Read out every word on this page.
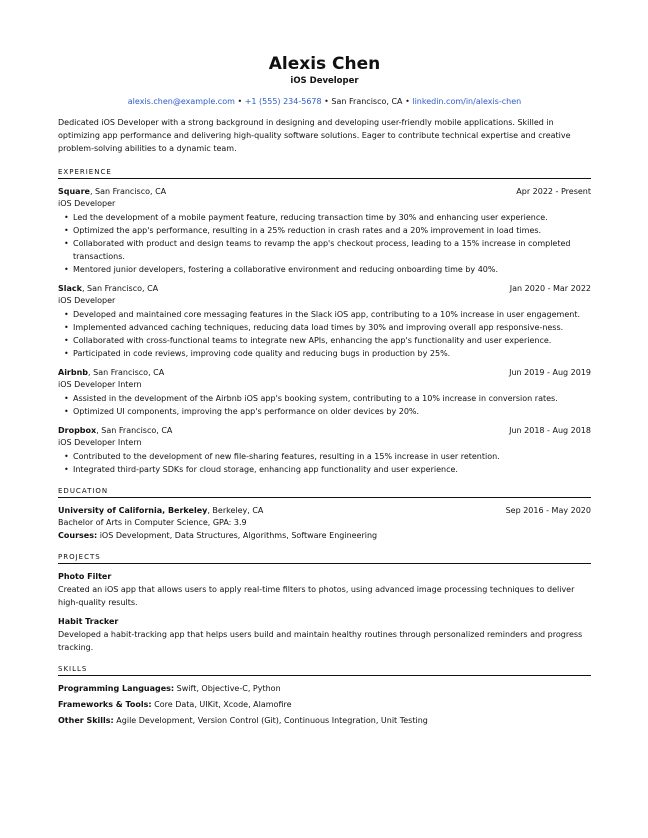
Alexis Chen
iOS Developer
alexis.chen@example.com • +1 (555) 234-5678 • San Francisco, CA • linkedin.com/in/alexis-chen
Dedicated iOS Developer with a strong background in designing and developing user-friendly mobile applications. Skilled in optimizing app performance and delivering high-quality software solutions. Eager to contribute technical expertise and creative problem-solving abilities to a dynamic team.
EXPERIENCE
Square, San Francisco, CA	Apr 2022 - Present
iOS Developer
• Led the development of a mobile payment feature, reducing transaction time by 30% and enhancing user experience.
• Optimized the app's performance, resulting in a 25% reduction in crash rates and a 20% improvement in load times.
• Collaborated with product and design teams to revamp the app's checkout process, leading to a 15% increase in completed transactions.
• Mentored junior developers, fostering a collaborative environment and reducing onboarding time by 40%.
Slack, San Francisco, CA	Jan 2020 - Mar 2022
iOS Developer
• Developed and maintained core messaging features in the Slack iOS app, contributing to a 10% increase in user engagement.
• Implemented advanced caching techniques, reducing data load times by 30% and improving overall app responsive-ness.
• Collaborated with cross-functional teams to integrate new APIs, enhancing the app's functionality and user experience.
• Participated in code reviews, improving code quality and reducing bugs in production by 25%.
Airbnb, San Francisco, CA	Jun 2019 - Aug 2019
iOS Developer Intern
• Assisted in the development of the Airbnb iOS app's booking system, contributing to a 10% increase in conversion rates.
• Optimized UI components, improving the app's performance on older devices by 20%.
Dropbox, San Francisco, CA	Jun 2018 - Aug 2018
iOS Developer Intern
• Contributed to the development of new file-sharing features, resulting in a 15% increase in user retention.
• Integrated third-party SDKs for cloud storage, enhancing app functionality and user experience.
EDUCATION
University of California, Berkeley, Berkeley, CA	Sep 2016 - May 2020
Bachelor of Arts in Computer Science, GPA: 3.9
Courses: iOS Development, Data Structures, Algorithms, Software Engineering
PROJECTS
Photo Filter
Created an iOS app that allows users to apply real-time filters to photos, using advanced image processing techniques to deliver high-quality results.
Habit Tracker
Developed a habit-tracking app that helps users build and maintain healthy routines through personalized reminders and progress tracking.
SKILLS
Programming Languages: Swift, Objective-C, Python
Frameworks & Tools: Core Data, UIKit, Xcode, Alamofire
Other Skills: Agile Development, Version Control (Git), Continuous Integration, Unit Testing
